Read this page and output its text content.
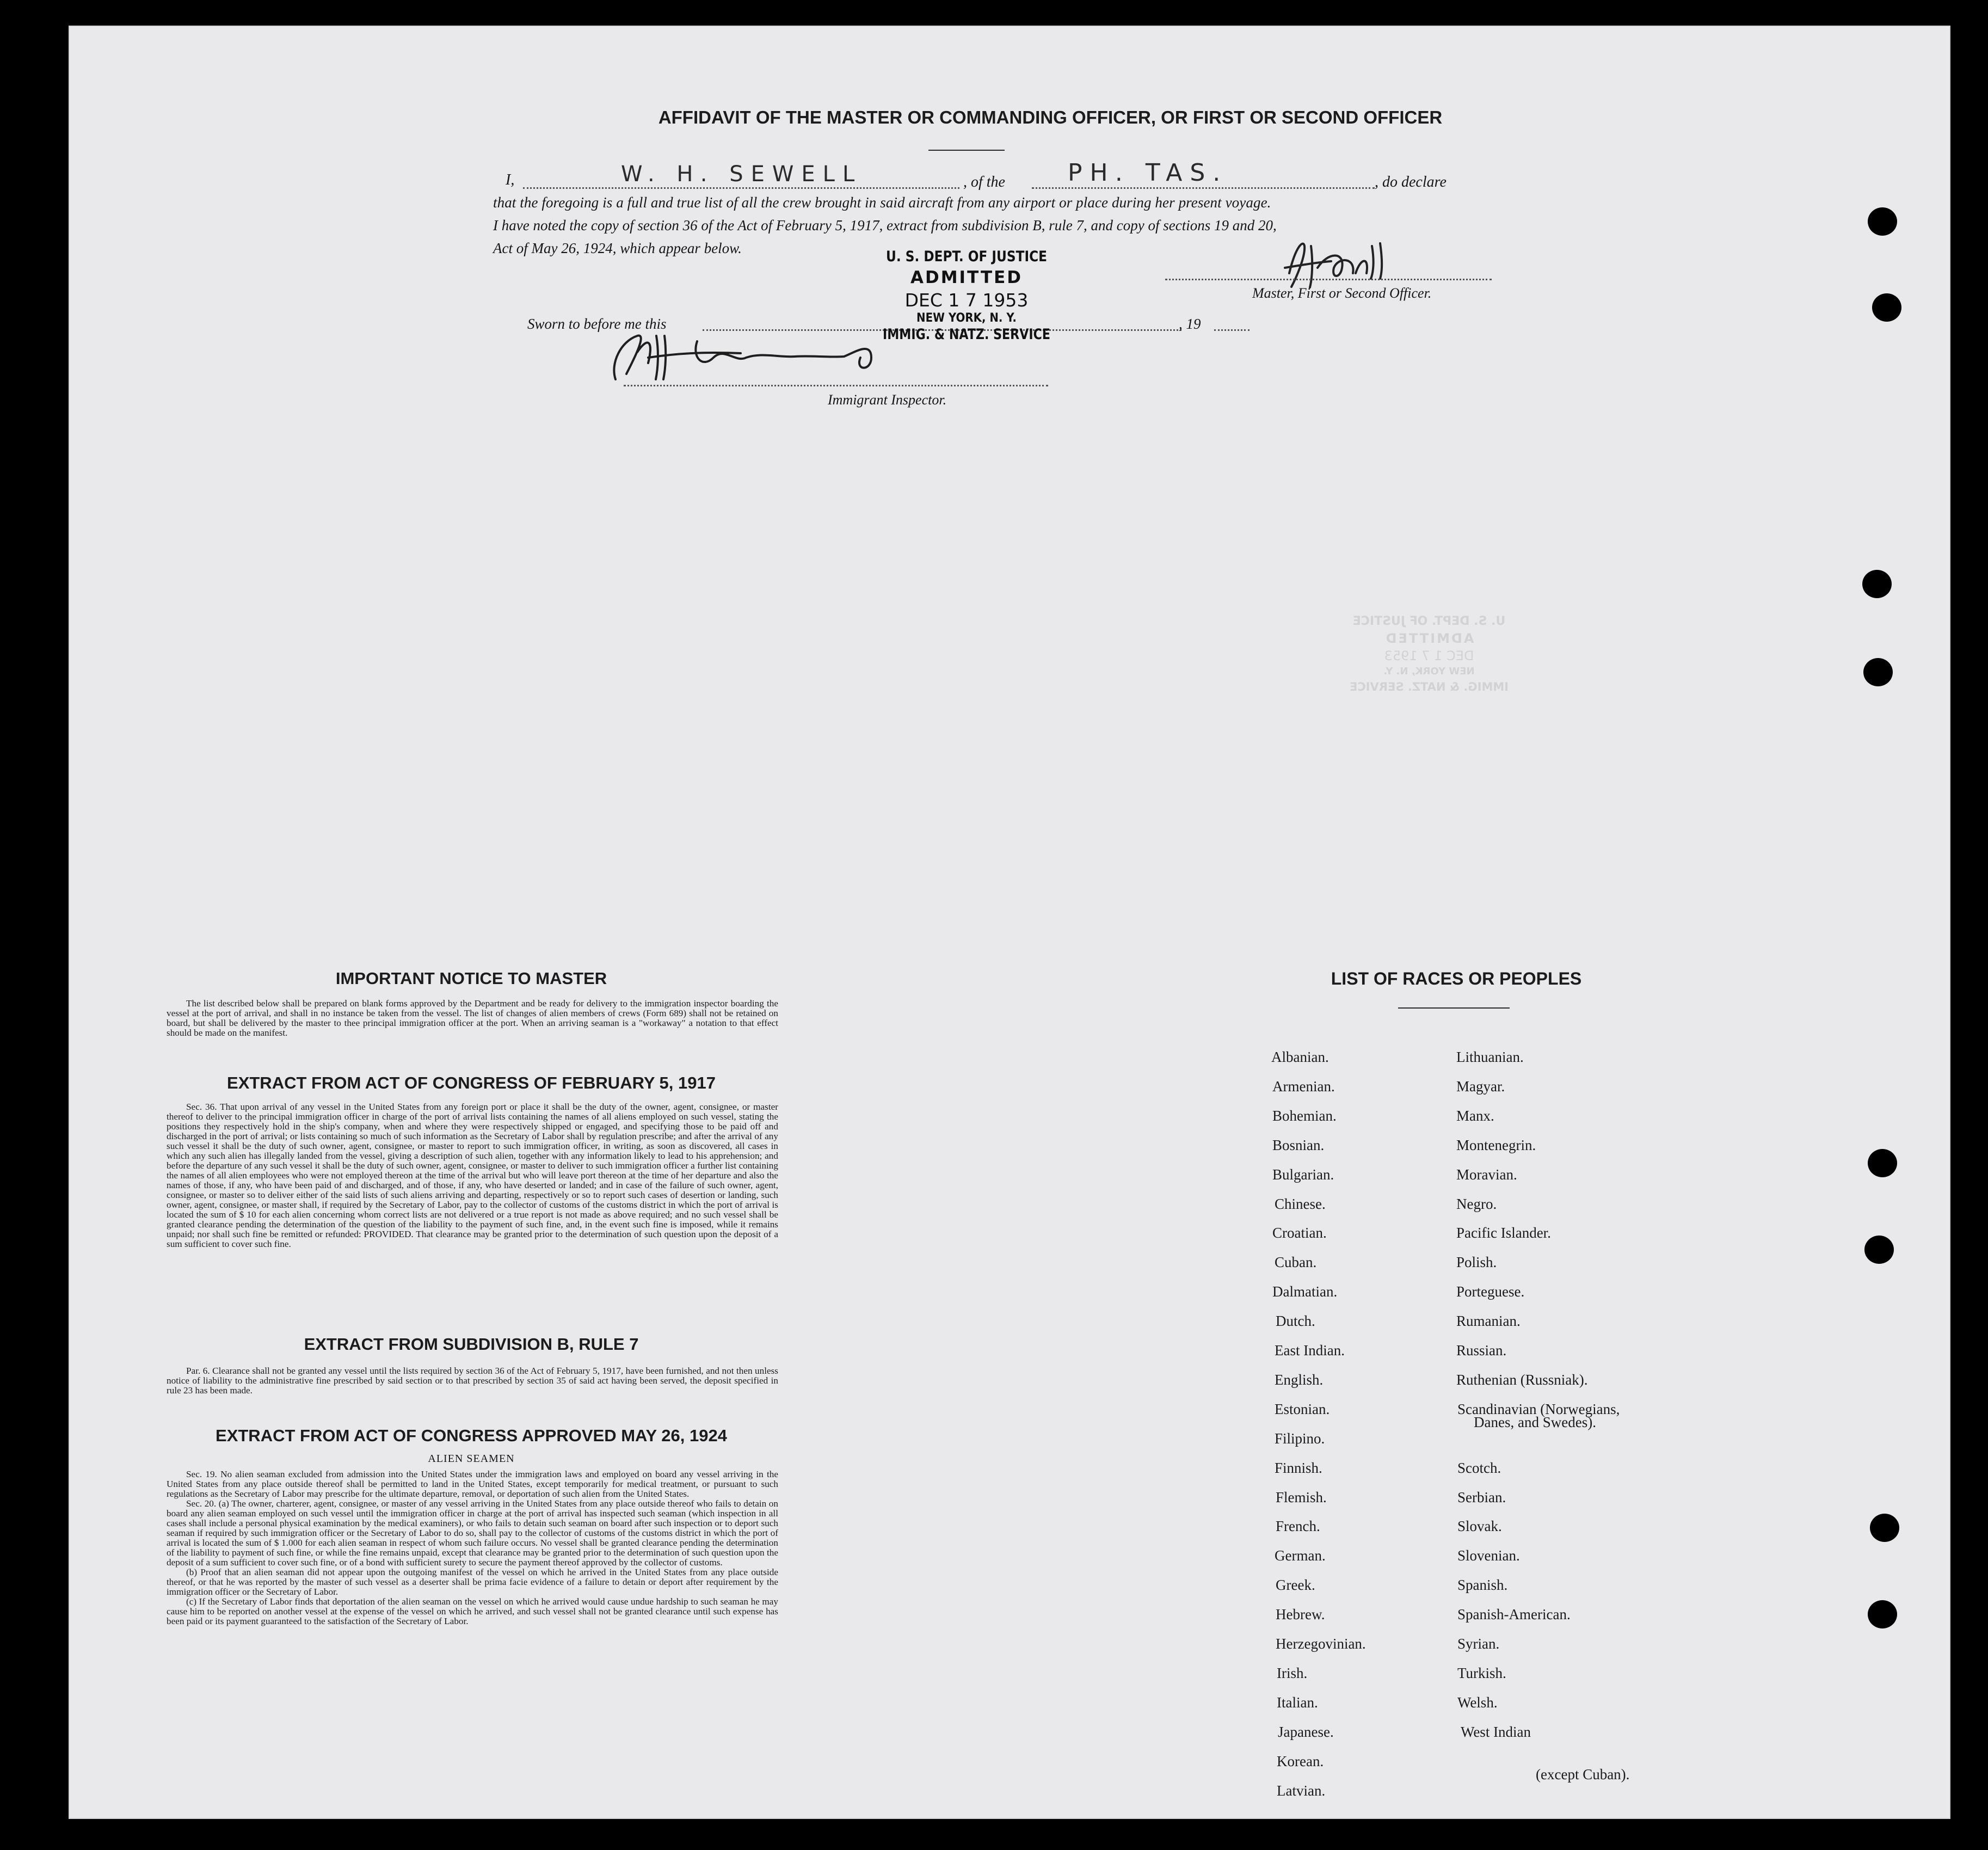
AFFIDAVIT OF THE MASTER OR COMMANDING OFFICER, OR FIRST OR SECOND OFFICER
I,	W. H. SEWELL	, of the	PH. TAS.	, do declare
that the foregoing is a full and true list of all the crew brought in said aircraft from any airport or place during her present voyage.
I have noted the copy of section 36 of the Act of February 5, 1917, extract from subdivision B, rule 7, and copy of sections 19 and 20,
Act of May 26, 1924, which appear below.
Master, First or Second Officer.
Sworn to before me this	, 19
U. S. DEPT. OF JUSTICE
ADMITTED
DEC 1 7 1953
NEW YORK, N. Y.
IMMIG. & NATZ. SERVICE
Immigrant Inspector.
U. S. DEPT. OF JUSTICE
ADMITTED
DEC 1 7 1953
NEW YORK, N. Y.
IMMIG. & NATZ. SERVICE
IMPORTANT NOTICE TO MASTER

The list described below shall be prepared on blank forms approved by the Department and be ready for delivery to the immigration inspector boarding the vessel at the port of arrival, and shall in no instance be taken from the vessel. The list of changes of alien members of crews (Form 689) shall not be retained on board, but shall be delivered by the master to thee principal immigration officer at the port. When an arriving seaman is a "workaway" a notation to that effect should be made on the manifest.

EXTRACT FROM ACT OF CONGRESS OF FEBRUARY 5, 1917

Sec. 36. That upon arrival of any vessel in the United States from any foreign port or place it shall be the duty of the owner, agent, consignee, or master thereof to deliver to the principal immigration officer in charge of the port of arrival lists containing the names of all aliens employed on such vessel, stating the positions they respectively hold in the ship's company, when and where they were respectively shipped or engaged, and specifying those to be paid off and discharged in the port of arrival; or lists containing so much of such information as the Secretary of Labor shall by regulation prescribe; and after the arrival of any such vessel it shall be the duty of such owner, agent, consignee, or master to report to such immigration officer, in writing, as soon as discovered, all cases in which any such alien has illegally landed from the vessel, giving a description of such alien, together with any information likely to lead to his apprehension; and before the departure of any such vessel it shall be the duty of such owner, agent, consignee, or master to deliver to such immigration officer a further list containing the names of all alien employees who were not employed thereon at the time of the arrival but who will leave port thereon at the time of her departure and also the names of those, if any, who have been paid of and discharged, and of those, if any, who have deserted or landed; and in case of the failure of such owner, agent, consignee, or master so to deliver either of the said lists of such aliens arriving and departing, respectively or so to report such cases of desertion or landing, such owner, agent, consignee, or master shall, if required by the Secretary of Labor, pay to the collector of customs of the customs district in which the port of arrival is located the sum of $ 10 for each alien concerning whom correct lists are not delivered or a true report is not made as above required; and no such vessel shall be granted clearance pending the determination of the question of the liability to the payment of such fine, and, in the event such fine is imposed, while it remains unpaid; nor shall such fine be remitted or refunded: PROVIDED. That clearance may be granted prior to the determination of such question upon the deposit of a sum sufficient to cover such fine.

EXTRACT FROM SUBDIVISION B, RULE 7

Par. 6. Clearance shall not be granted any vessel until the lists required by section 36 of the Act of February 5, 1917, have been furnished, and not then unless notice of liability to the administrative fine prescribed by said section or to that prescribed by section 35 of said act having been served, the deposit specified in rule 23 has been made.

EXTRACT FROM ACT OF CONGRESS APPROVED MAY 26, 1924
ALIEN SEAMEN

Sec. 19. No alien seaman excluded from admission into the United States under the immigration laws and employed on board any vessel arriving in the United States from any place outside thereof shall be permitted to land in the United States, except temporarily for medical treatment, or pursuant to such regulations as the Secretary of Labor may prescribe for the ultimate departure, removal, or deportation of such alien from the United States.

Sec. 20. (a) The owner, charterer, agent, consignee, or master of any vessel arriving in the United States from any place outside thereof who fails to detain on board any alien seaman employed on such vessel until the immigration officer in charge at the port of arrival has inspected such seaman (which inspection in all cases shall include a personal physical examination by the medical examiners), or who fails to detain such seaman on board after such inspection or to deport such seaman if required by such immigration officer or the Secretary of Labor to do so, shall pay to the collector of customs of the customs district in which the port of arrival is located the sum of $ 1.000 for each alien seaman in respect of whom such failure occurs. No vessel shall be granted clearance pending the determination of the liability to payment of such fine, or while the fine remains unpaid, except that clearance may be granted prior to the determination of such question upon the deposit of a sum sufficient to cover such fine, or of a bond with sufficient surety to secure the payment thereof approved by the collector of customs.

(b) Proof that an alien seaman did not appear upon the outgoing manifest of the vessel on which he arrived in the United States from any place outside thereof, or that he was reported by the master of such vessel as a deserter shall be prima facie evidence of a failure to detain or deport after requirement by the immigration officer or the Secretary of Labor.

(c) If the Secretary of Labor finds that deportation of the alien seaman on the vessel on which he arrived would cause undue hardship to such seaman he may cause him to be reported on another vessel at the expense of the vessel on which he arrived, and such vessel shall not be granted clearance until such expense has been paid or its payment guaranteed to the satisfaction of the Secretary of Labor.

LIST OF RACES OR PEOPLES
Albanian.
Armenian.
Bohemian.
Bosnian.
Bulgarian.
Chinese.
Croatian.
Cuban.
Dalmatian.
Dutch.
East Indian.
English.
Estonian.
Filipino.
Finnish.
Flemish.
French.
German.
Greek.
Hebrew.
Herzegovinian.
Irish.
Italian.
Japanese.
Korean.
Latvian.
Lithuanian.
Magyar.
Manx.
Montenegrin.
Moravian.
Negro.
Pacific Islander.
Polish.
Porteguese.
Rumanian.
Russian.
Ruthenian (Russniak).
Scandinavian (Norwegians,
Danes, and Swedes).
Scotch.
Serbian.
Slovak.
Slovenian.
Spanish.
Spanish-American.
Syrian.
Turkish.
Welsh.
West Indian
(except Cuban).
